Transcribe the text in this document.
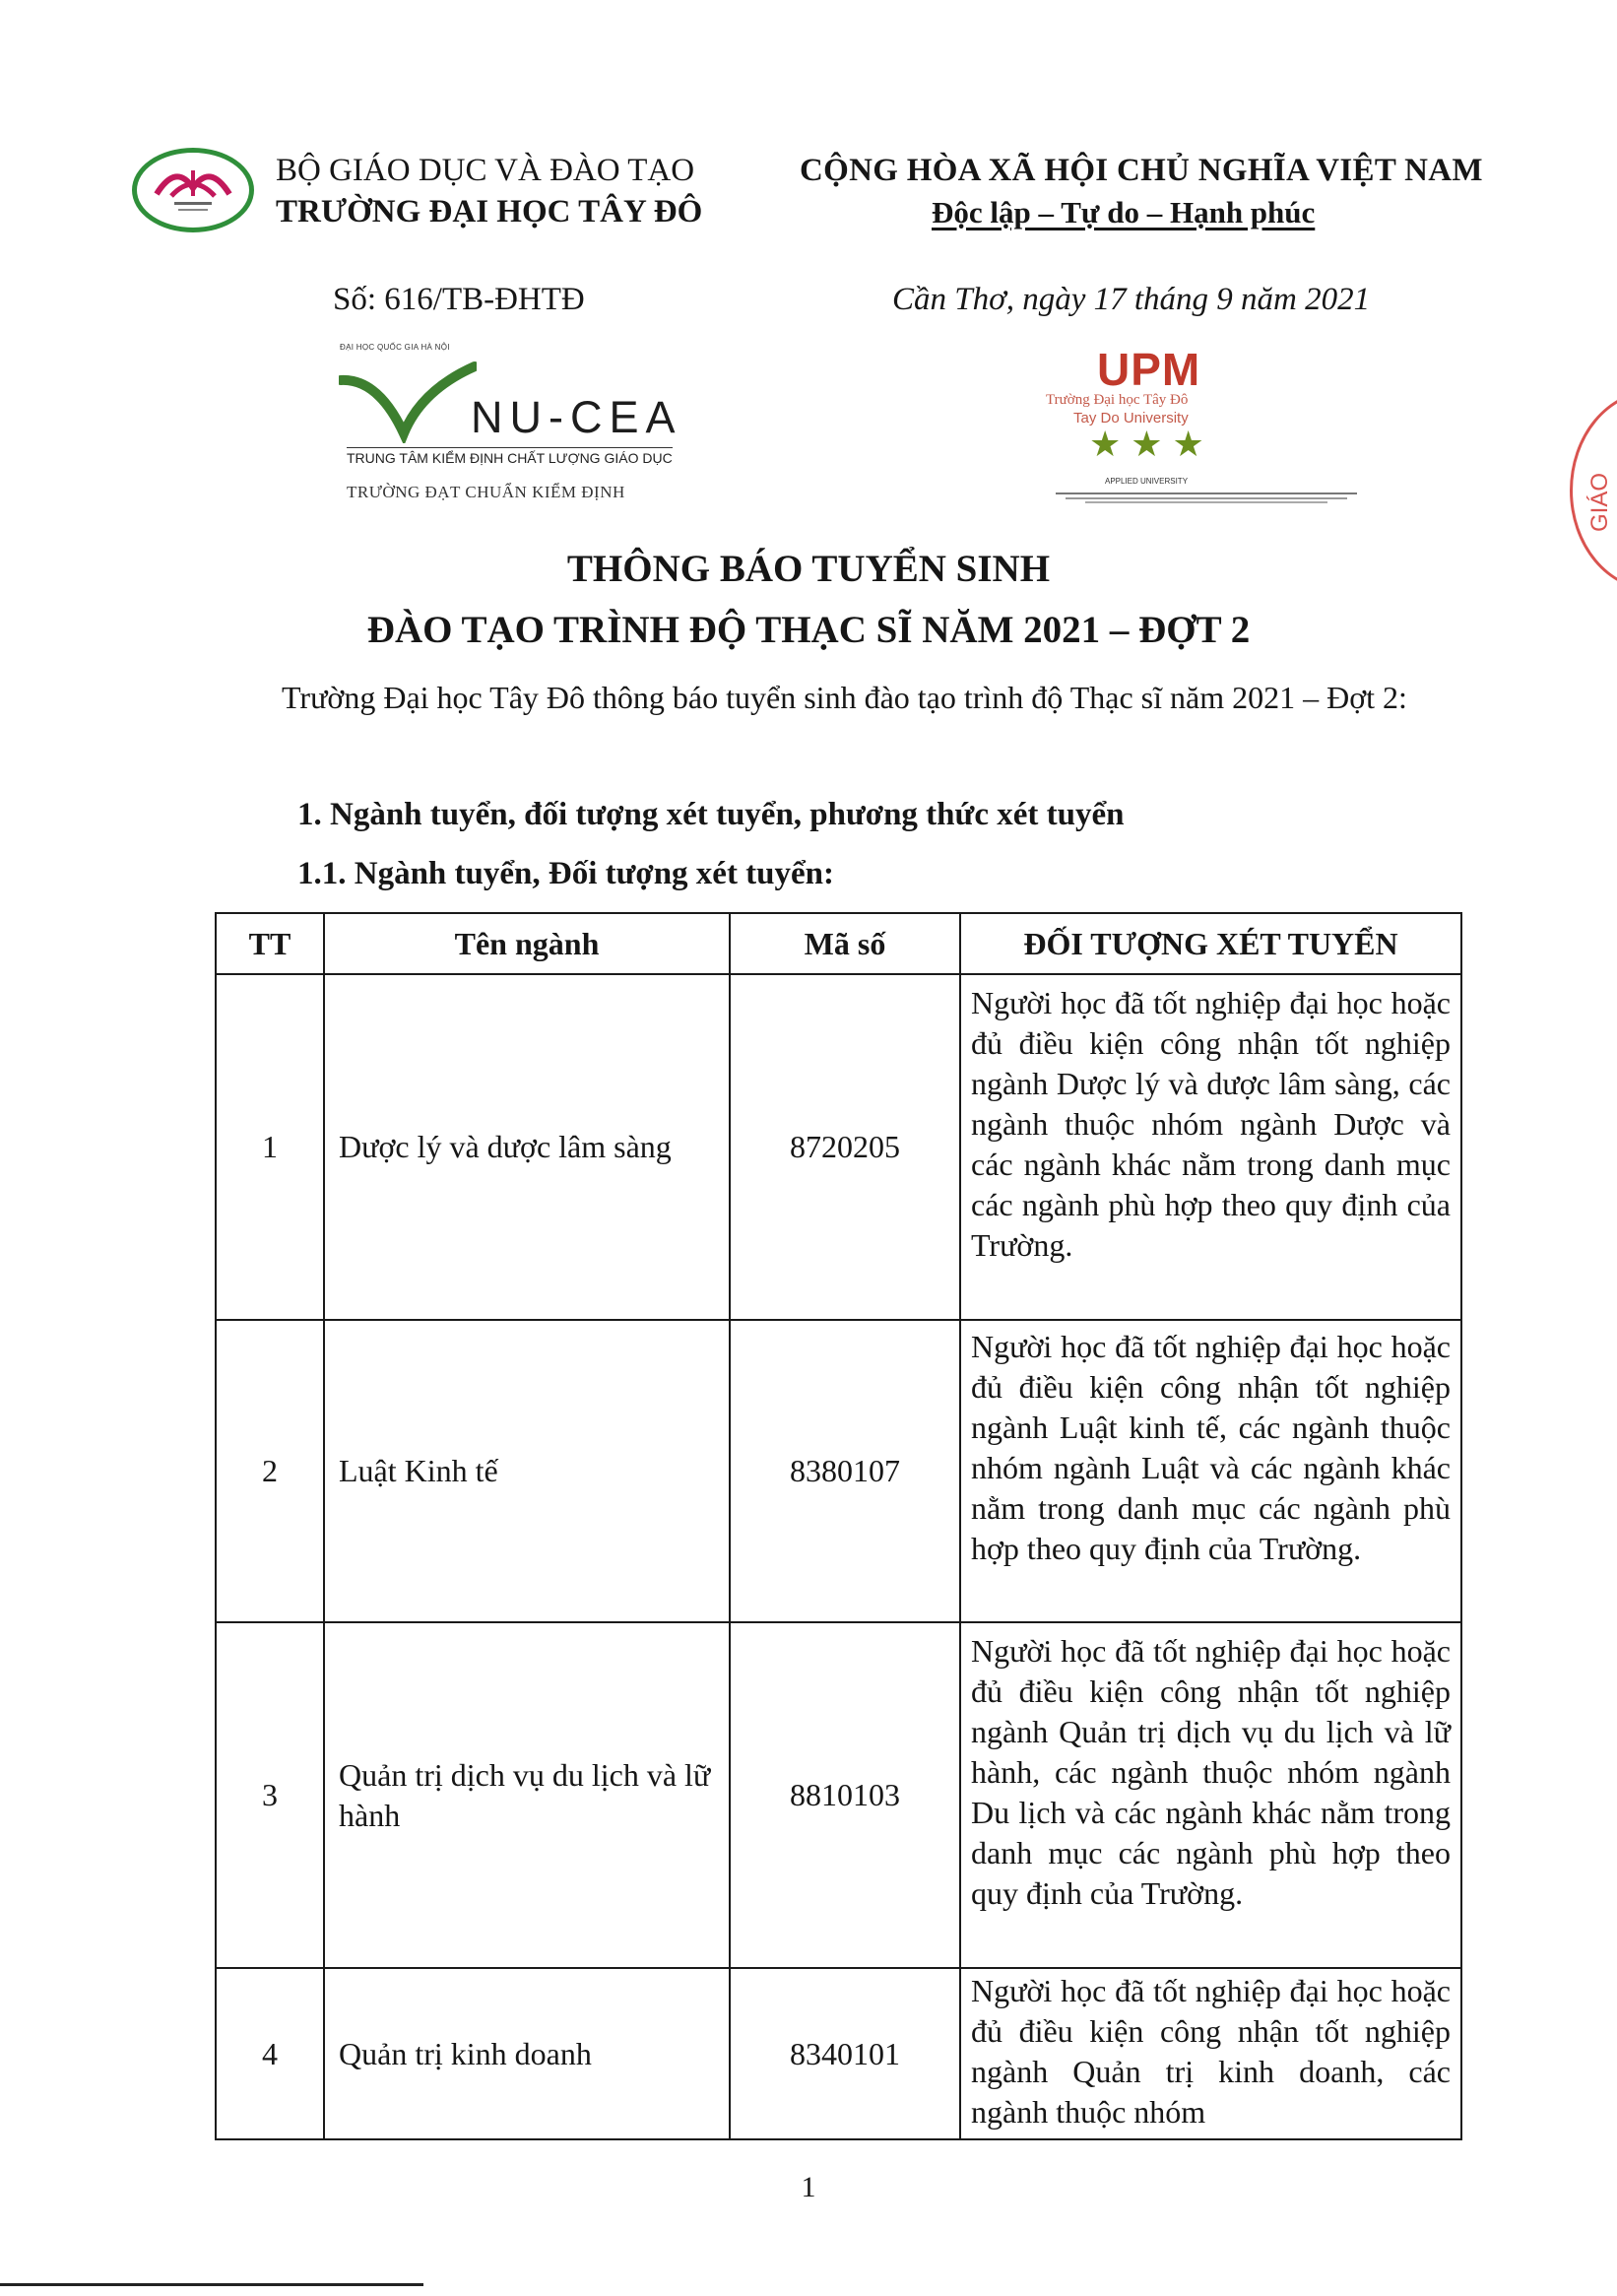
BỘ GIÁO DỤC VÀ ĐÀO TẠO
TRƯỜNG ĐẠI HỌC TÂY ĐÔ
CỘNG HÒA XÃ HỘI CHỦ NGHĨA VIỆT NAM
Độc lập – Tự do – Hạnh phúc
Số: 616/TB-ĐHTĐ	Cần Thơ, ngày 17 tháng 9 năm 2021
ĐẠI HỌC QUỐC GIA HÀ NỘI
NU-CEA
TRUNG TÂM KIỂM ĐỊNH CHẤT LƯỢNG GIÁO DỤC
TRƯỜNG ĐẠT CHUẨN KIỂM ĐỊNH
UPM
Trường Đại học Tây Đô
Tay Do University
★★★
APPLIED UNIVERSITY	GIÁO
THÔNG BÁO TUYỂN SINH
ĐÀO TẠO TRÌNH ĐỘ THẠC SĨ NĂM 2021 – ĐỢT 2
Trường Đại học Tây Đô thông báo tuyển sinh đào tạo trình độ Thạc sĩ năm 2021 – Đợt 2:
1. Ngành tuyển, đối tượng xét tuyển, phương thức xét tuyển
1.1. Ngành tuyển, Đối tượng xét tuyển:
TT	Tên ngành	Mã số	ĐỐI TƯỢNG XÉT TUYỂN
1	Dược lý và dược lâm sàng	8720205	Người học đã tốt nghiệp đại học hoặc đủ điều kiện công nhận tốt nghiệp ngành Dược lý và dược lâm sàng, các ngành thuộc nhóm ngành Dược và các ngành khác nằm trong danh mục các ngành phù hợp theo quy định của Trường.
2	Luật Kinh tế	8380107	Người học đã tốt nghiệp đại học hoặc đủ điều kiện công nhận tốt nghiệp ngành Luật kinh tế, các ngành thuộc nhóm ngành Luật và các ngành khác nằm trong danh mục các ngành phù hợp theo quy định của Trường.
3	Quản trị dịch vụ du lịch và lữ hành	8810103	Người học đã tốt nghiệp đại học hoặc đủ điều kiện công nhận tốt nghiệp ngành Quản trị dịch vụ du lịch và lữ hành, các ngành thuộc nhóm ngành Du lịch và các ngành khác nằm trong danh mục các ngành phù hợp theo quy định của Trường.
4	Quản trị kinh doanh	8340101	Người học đã tốt nghiệp đại học hoặc đủ điều kiện công nhận tốt nghiệp ngành Quản trị kinh doanh, các ngành thuộc nhóm
1
